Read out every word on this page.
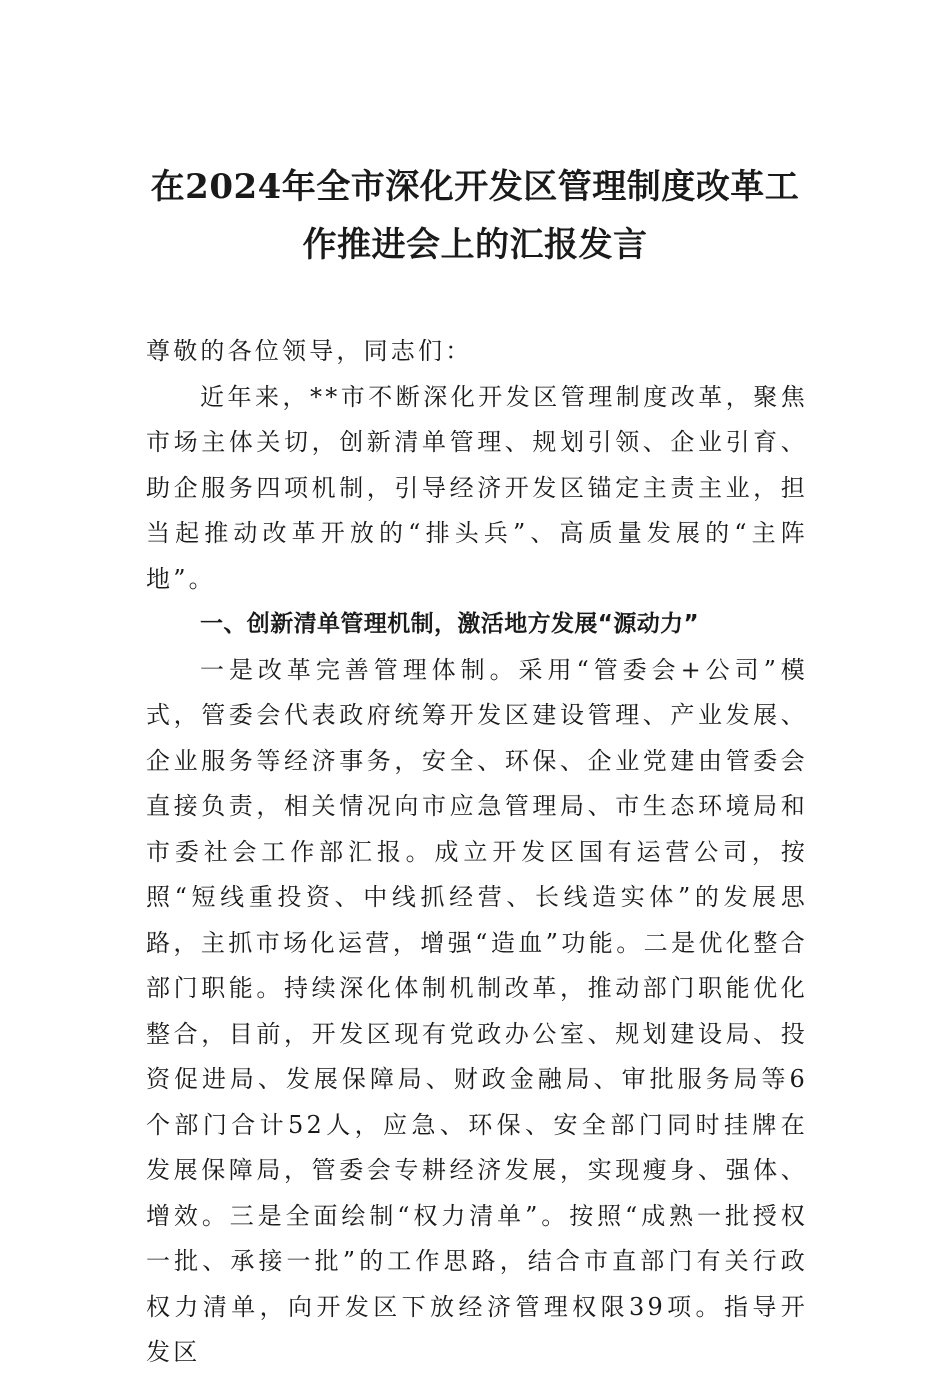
在2024年全市深化开发区管理制度改革工作推进会上的汇报发言

尊敬的各位领导，同志们：

近年来，**市不断深化开发区管理制度改革，聚焦市场主体关切，创新清单管理、规划引领、企业引育、助企服务四项机制，引导经济开发区锚定主责主业，担当起推动改革开放的“排头兵”、高质量发展的“主阵地”。

一、创新清单管理机制，激活地方发展“源动力”

一是改革完善管理体制。采用“管委会+公司”模式，管委会代表政府统筹开发区建设管理、产业发展、企业服务等经济事务，安全、环保、企业党建由管委会直接负责，相关情况向市应急管理局、市生态环境局和市委社会工作部汇报。成立开发区国有运营公司，按照“短线重投资、中线抓经营、长线造实体”的发展思路，主抓市场化运营，增强“造血”功能。二是优化整合部门职能。持续深化体制机制改革，推动部门职能优化整合，目前，开发区现有党政办公室、规划建设局、投资促进局、发展保障局、财政金融局、审批服务局等6个部门合计52人，应急、环保、安全部门同时挂牌在发展保障局，管委会专耕经济发展，实现瘦身、强体、增效。三是全面绘制“权力清单”。按照“成熟一批授权一批、承接一批”的工作思路，结合市直部门有关行政权力清单，向开发区下放经济管理权限39项。指导开发区
